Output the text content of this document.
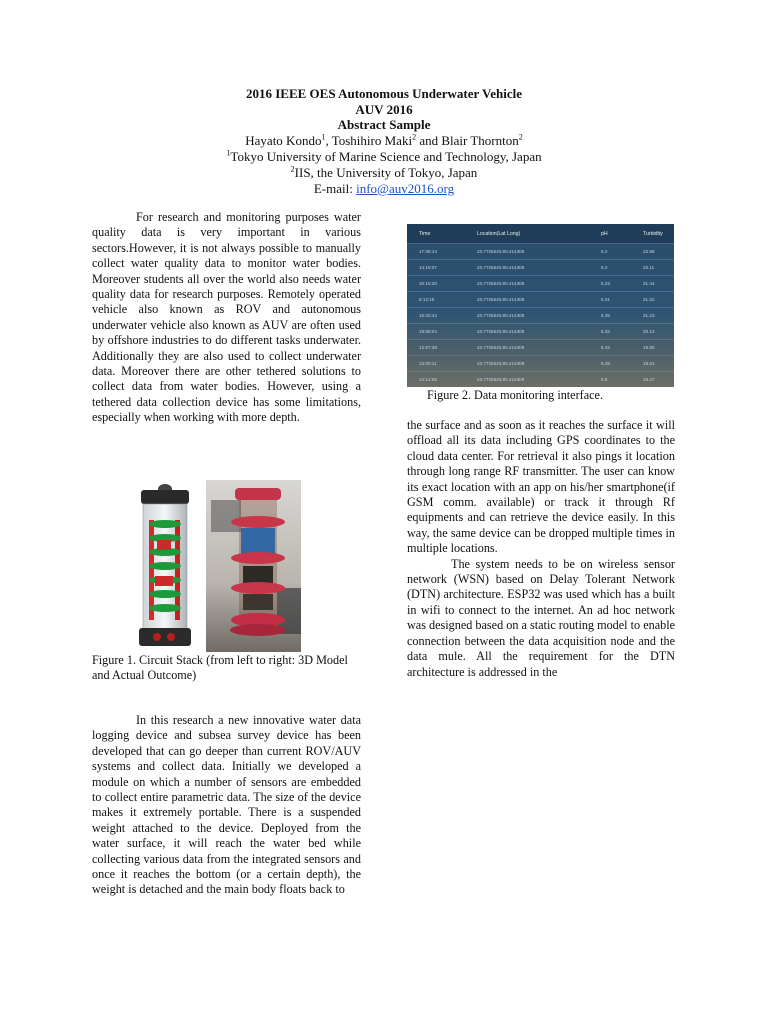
2016 IEEE OES Autonomous Underwater Vehicle
AUV 2016
Abstract Sample
Hayato Kondo$^1$, Toshihiro Maki$^2$ and Blair Thornton$^2$
$^1$Tokyo University of Marine Science and Technology, Japan
$^2$IIS, the University of Tokyo, Japan
E-mail: info@auv2016.org

For research and monitoring purposes water quality data is very important in various sectors.However, it is not always possible to manually collect water quality data to monitor water bodies. Moreover students all over the world also needs water quality data for research purposes. Remotely operated vehicle also known as ROV and autonomous underwater vehicle also known as AUV are often used by offshore industries to do different tasks underwater. Additionally they are also used to collect underwater data. Moreover there are other tethered solutions to collect data from water bodies. However, using a tethered data collection device has some limitations, especially when working with more depth.

Figure 1. Circuit Stack (from left to right: 3D Model and Actual Outcome)

In this research a new innovative water data logging device and subsea survey device has been developed that can go deeper than current ROV/AUV systems and collect data. Initially we developed a module on which a number of sensors are embedded to collect entire parametric data. The size of the device makes it extremely portable. There is a suspended weight attached to the device. Deployed from the water surface, it will reach the water bed while collecting various data from the integrated sensors and once it reaches the bottom (or a certain depth), the weight is detached and the main body floats back to

Time	Location(Lat Long)	pH	Turbidity
17:36:14	23.7725540,90.414309	5.2	22.58
14:19:07	23.7725540,90.414309	5.2	22.11
10:15:20	23.7725540,90.414309	5.23	21.44
8:12:15	23.7725540,90.414309	5.31	21.32
16:20:44	23.7725540,90.414309	5.35	21.23
18:58:04	23.7725540,90.414309	5.33	20.12
12:57:38	23.7725540,90.414309	5.32	19.85
13:00:11	23.7725540,90.414309	5.28	19.61
14:14:08	23.7725540,90.414309	5.5	19.47
Figure 2. Data monitoring interface.

the surface and as soon as it reaches the surface it will offload all its data including GPS coordinates to the cloud data center. For retrieval it also pings it location through long range RF transmitter. The user can know its exact location with an app on his/her smartphone(if GSM comm. available) or track it through Rf equipments and can retrieve the device easily. In this way, the same device can be dropped multiple times in multiple locations.

The system needs to be on wireless sensor network (WSN) based on Delay Tolerant Network (DTN) architecture. ESP32 was used which has a built in wifi to connect to the internet. An ad hoc network was designed based on a static routing model to enable connection between the data acquisition node and the data mule. All the requirement for the DTN architecture is addressed in the
